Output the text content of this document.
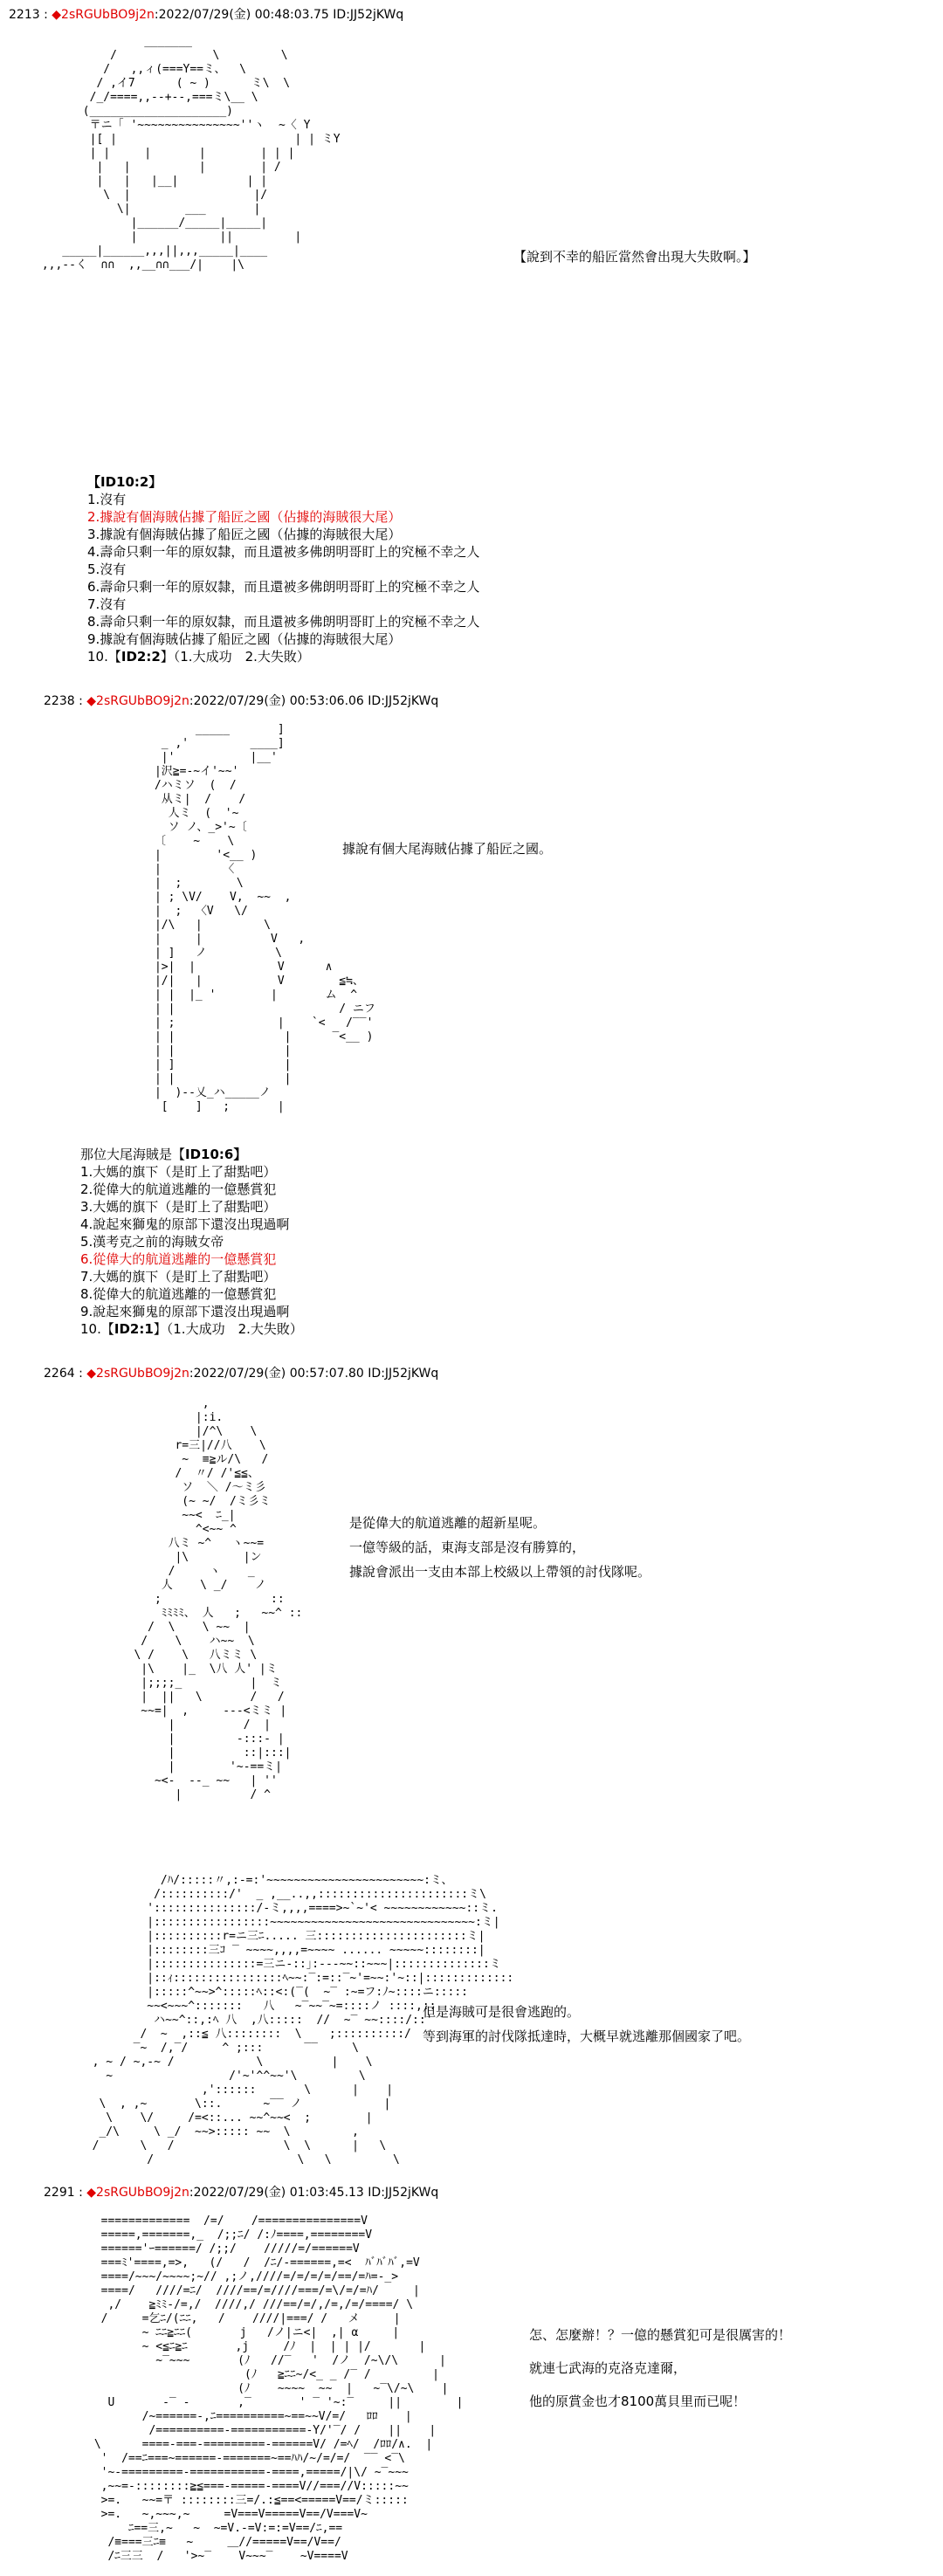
2213 : ◆2sRGUbBO9j2n:2022/07/29(金) 00:48:03.75 ID:JJ52jKWq
_______
/              \         \
/   ,,ィ(===Y==ミ、  \
/ ,イ7      ( ~ )      ミ\  \
/_/====,,--+--,===ミ\__ \
(____________________)
〒ニ「 '~~~~~~~~~~~~~~~''ヽ  ~〈 Y
|[ |                          | | ミY
| |     |       |        | | |
|   |          |        | /
|   |   |__|          | |
\  |                  |/
\|        ___       |
|______/_____|_____|
|            ||         |
_____|______,,,||,,,_____|____
,,,--く  ∩∩  ,,__∩∩___/|    |\

【說到不幸的船匠當然會出現大失敗啊。】

【ID10:2】
1.沒有
2.據說有個海賊佔據了船匠之國（佔據的海賊很大尾）
3.據說有個海賊佔據了船匠之國（佔據的海賊很大尾）
4.壽命只剩一年的原奴隸，而且還被多佛朗明哥盯上的究極不幸之人
5.沒有
6.壽命只剩一年的原奴隸，而且還被多佛朗明哥盯上的究極不幸之人
7.沒有
8.壽命只剩一年的原奴隸，而且還被多佛朗明哥盯上的究極不幸之人
9.據說有個海賊佔據了船匠之國（佔據的海賊很大尾）
10.【ID2:2】（1.大成功　2.大失敗）

2238 : ◆2sRGUbBO9j2n:2022/07/29(金) 00:53:06.06 ID:JJ52jKWq

_____       ]
_ ,'         ____]
|'           |__'
|沢≧=-~イ'~~'
/ハミソ  (  /
从ミ|  /    /
人ミ  (  '~
ソ ノ、_>'~〔
〔    ~    \
|        '<__ )
|         〈
|  ;        \
| ; \V/    V,  ~~  ,
|  ;  〈V   \/
|/\   |         \
|     |          V   ,
| ]   ノ          \
|>|  |            V      ∧
|/|   |           V        ≦≒、
| |  |_ '        |       ム  ^
| |                        / ニフ
| ;               |    `<   /‾‾'
| |                |      ‾<__ )
| |                |
| ]                |
| |                |
|  )--乂_ハ_____ノ
[    ]   ;       |

據說有個大尾海賊佔據了船匠之國。

那位大尾海賊是【ID10:6】
1.大媽的旗下（是盯上了甜點吧）
2.從偉大的航道逃離的一億懸賞犯
3.大媽的旗下（是盯上了甜點吧）
4.說起來獅鬼的原部下還沒出現過啊
5.漢考克之前的海賊女帝
6.從偉大的航道逃離的一億懸賞犯
7.大媽的旗下（是盯上了甜點吧）
8.從偉大的航道逃離的一億懸賞犯
9.說起來獅鬼的原部下還沒出現過啊
10.【ID2:1】（1.大成功　2.大失敗）

2264 : ◆2sRGUbBO9j2n:2022/07/29(金) 00:57:07.80 ID:JJ52jKWq

,
|:i.
|/^\    \
r=三|//八    \
~  ≡≧ル/\   /
/  〃/ /'≦≦、
ソ  ＼ /～ミ彡
(~ ~/  /ミ彡ミ
~~<  ﾆ_|
^<~~ ^
八ミ ~^   ヽ~~=
|\        |ン
/     ヽ    _
人    \ _/    ノ
;                ::
ﾐﾐﾐﾐ、 人   ;   ~~^ ::
/  \    \ ~~  |
/    \    ハ~~  \
\ /    \   八ミミ \
|\    |_  \八 人' |ミ
|;;;;_          |  ミ
|  ||   \       /   /
~~=|  ,     ---<ミミ |
|          /  |
|         -:::- |
|          ::|:::|
|        '~-==ミ|
~<-  --_ ~~   | ''
|          / ^

是從偉大的航道逃離的超新星呢。
一億等級的話，東海支部是沒有勝算的，
據說會派出一支由本部上校級以上帶領的討伐隊呢。

/ﾊ/:::::〃,:-=:'~~~~~~~~~~~~~~~~~~~~~~~:ミ、
/::::::::::/'  _ ,__..,,::::::::::::::::::::::ミ\
':::::::::::::::/-ミ,,,,====>~`~'< ~~~~~~~~~~~~::ミ.
|:::::::::::::::::~~~~~~~~~~~~~~~~~~~~~~~~~~~~~~:ミ|
|::::::::::r=ニ三ﾆ..... 三::::::::::::::::::::::ミ|
|::::::::三ｺ ‾ ~~~~,,,,=~~~~ ...... ~~~~~::::::::|
|:::::::::::::::=三ニ-::｣:---~~::~~~|::::::::::::::ミ
|::ｨ::::::::::::::::ﾍ~~:‾:=::‾~'=~~:'~::|:::::::::::::
|:::::^~~>^:::::ﾍ::<:(‾(  ~‾ :~=フ:ﾉ~::::ニ:::::
~~<~~~^:::::::   八   ~‾~~‾~=::::ノ ::::,::
ハ~~^::,:ﾍ 八  ,八:::::  //  ~‾ ~~::::/::'
/  ~  ,::≦ 八::::::::  \    ;::::::::::/
‾~  /,‾/     ^ ;:::      ‾‾     \
, ~ / ~,-~ /            \          |    \
~                 /'~'^^~~'\         \
,'::::::       \      |    |
\  , ,~       \::.      ~‾‾ ノ            |
\    \/     /=<::... ~~^~~<  ;        |
_/\     \ _/  ~~>::::: ~~  \         ,
/      \   /                \  \      |   \
/                     \   \         \

但是海賊可是很會逃跑的。
等到海軍的討伐隊抵達時，大概早就逃離那個國家了吧。

2291 : ◆2sRGUbBO9j2n:2022/07/29(金) 01:03:45.13 ID:JJ52jKWq

=============  /=/    /===============V
=====,=======,_  /;;ﾆ/ /:ﾉ====,========V
======'ｰ======/ /;;/    /////=/======V
===ﾐ'====,=>,   (/   /  /ﾆ/-======,=<  ﾊﾞﾊﾞﾊﾞ,=V
====/~~~/~~~~;~// ,;ノ,////=/=/=/=/==/=ﾊ=-_>
====/   ////=ﾆ/  ////==/=////===/=\/=/=ﾊ/     |
,/    ≧ﾐﾐ-/=,/  ////,/ ///==/=/,/=,/=/====/ \
/     =乞ﾆ/(ﾆﾆ,   /    ////|===/ /   メ     |
~ ﾆﾆ≧ﾆﾆ(       j   /ノ|ニ<|  ,| α     |
~ <≦ﾆ≧ﾆ       ,j     /ﾉ  |  | | |/       |
~‾~~~       (ﾉ   //‾   '  /ノ  /~\/\      |
(ﾉ   ≧ﾆﾆ~/<_ _ /‾ /         |
(ﾉ    ~~~~  ~~  |   ~‾\/~\    |
U       -‾ -       ,‾       ' ‾ '~:‾     ||        |
/~======-,ﾆ==========~==~~V/=/   ﾛﾛ    |
/==========-===========-Y/'‾/ /    ||    |
\      ====-===-=========-======V/ /=ﾍ/  /ﾛﾛ/∧.  |
'  /==ﾆ===~======-=======~==ﾊﾊ/~/=/=/  ‾‾ <‾\
'~-=========-===========-====,=====/|\/ ~‾~~~
,~~=-::::::::≧≦===-=====-====V//===//V:::::~~
>=.   ~~=〒 ::::::::三=/.:≦==<=====V==/ミ:::::
>=.   ~,~~~,~     =V===V=====V==/V===V~
ﾆ==三,~   ~  ~=V.-=V:=:=V==/ﾆ,==
/≡===三ﾆ≡   ~     ＿//=====V==/V==/
/ﾆ三三  /   '>~‾    V~~~‾    ~V====V

怎、怎麼辦！？一億的懸賞犯可是很厲害的！
就連七武海的克洛克達爾，
他的原賞金也才8100萬貝里而已呢！
